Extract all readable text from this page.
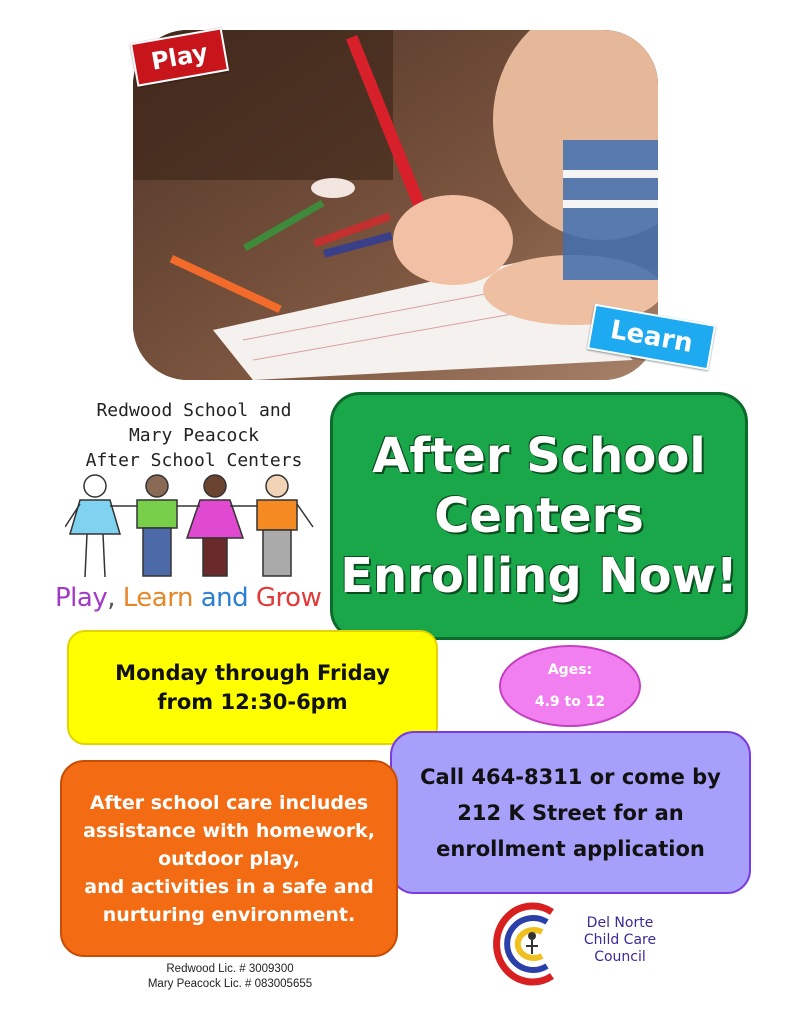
Play
Learn
Redwood School and
Mary Peacock
After School Centers
Play, Learn and Grow
After School
Centers
Enrolling Now!
Monday through Friday
from 12:30-6pm
Ages:
4.9 to 12
Call 464-8311 or come by
212 K Street for an
enrollment application
After school care includes
assistance with homework,
outdoor play,
and activities in a safe and
nurturing environment.
Redwood Lic. # 3009300
Mary Peacock Lic. # 083005655
Del Norte
Child Care
Council
